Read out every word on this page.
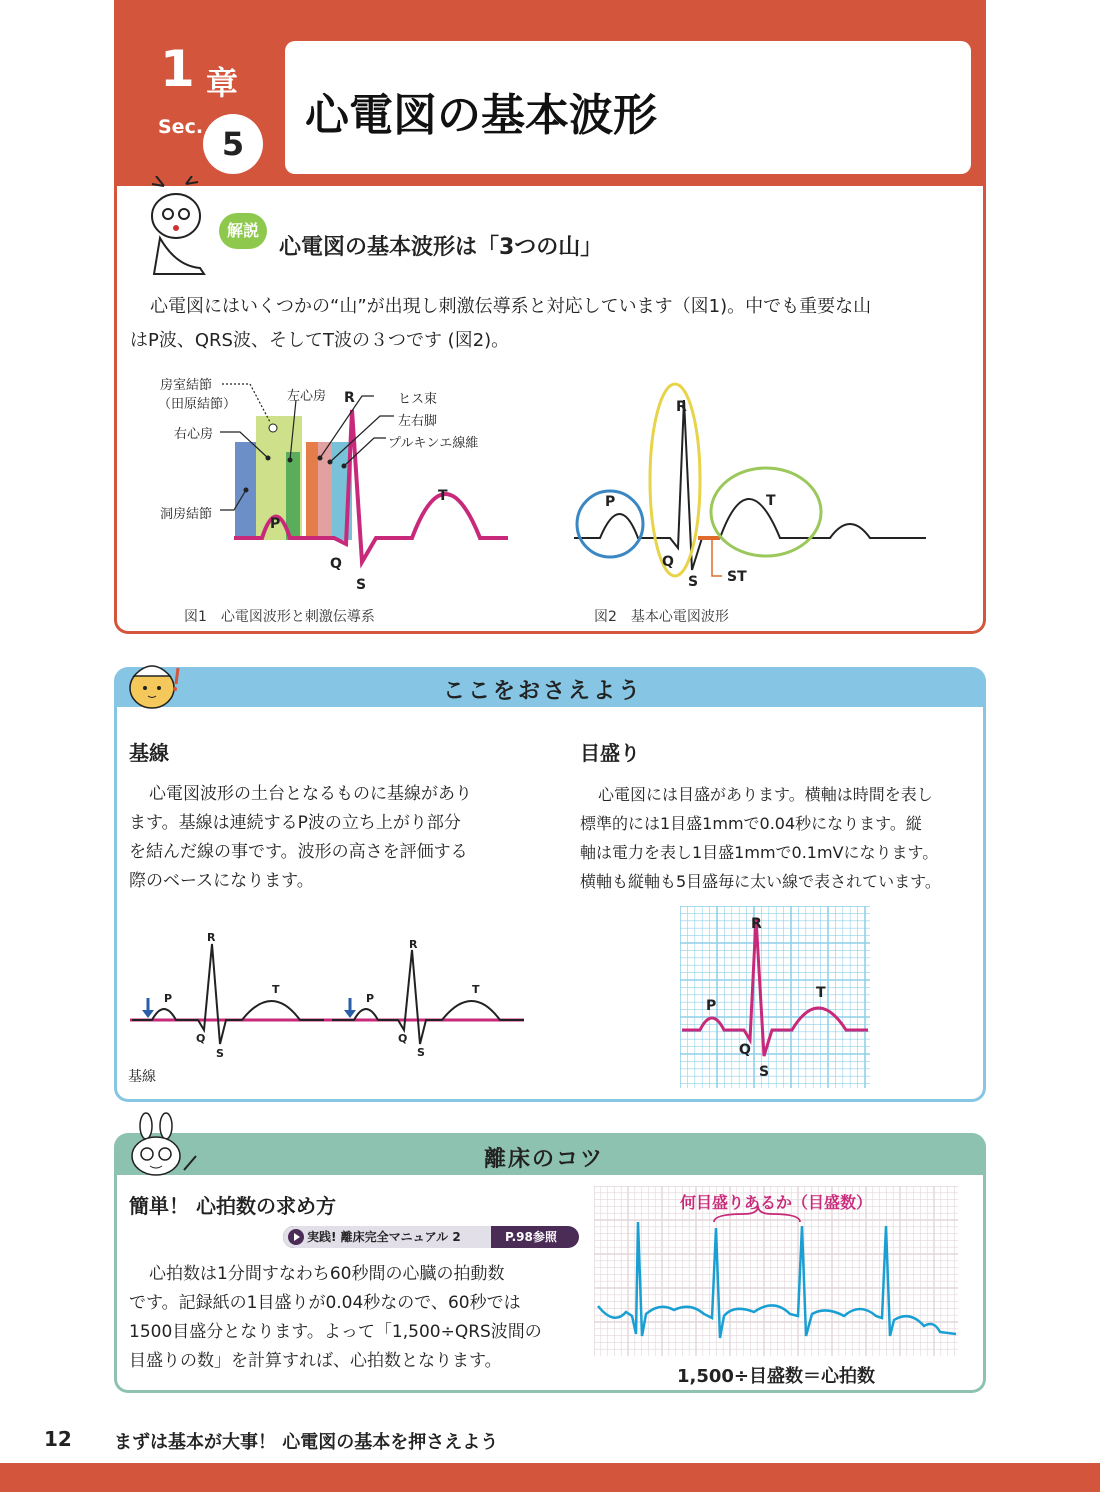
1 章
Sec. 5
心電図の基本波形
解説
心電図の基本波形は「3つの山」
心電図にはいくつかの“山”が出現し刺激伝導系と対応しています（図1)。中でも重要な山
はP波、QRS波、そしてT波の３つです (図2)。
房室結節
（田原結節）
左心房
右心房
洞房結節
ヒス束
左右脚
プルキンエ線維
R
P
T
Q
S
図1　心電図波形と刺激伝導系
P
R
T
Q
S ST
図2　基本心電図波形
ここをおさえよう
基線
心電図波形の土台となるものに基線があり
ます。基線は連続するP波の立ち上がり部分
を結んだ線の事です。波形の高さを評価する
際のベースになります。
P
R
T
Q
S
P
R
T
Q
S
基線
目盛り
心電図には目盛があります。横軸は時間を表し
標準的には1目盛1mmで0.04秒になります。縦
軸は電力を表し1目盛1mmで0.1mVになります。
横軸も縦軸も5目盛毎に太い線で表されています。
R
P
T
Q
S
離床のコツ
簡単！ 心拍数の求め方
実践! 離床完全マニュアル 2	P.98参照
心拍数は1分間すなわち60秒間の心臓の拍動数
です。記録紙の1目盛りが0.04秒なので、60秒では
1500目盛分となります。よって「1,500÷QRS波間の
目盛りの数」を計算すれば、心拍数となります。
何目盛りあるか（目盛数）
1,500÷目盛数＝心拍数
12 まずは基本が大事！ 心電図の基本を押さえよう
